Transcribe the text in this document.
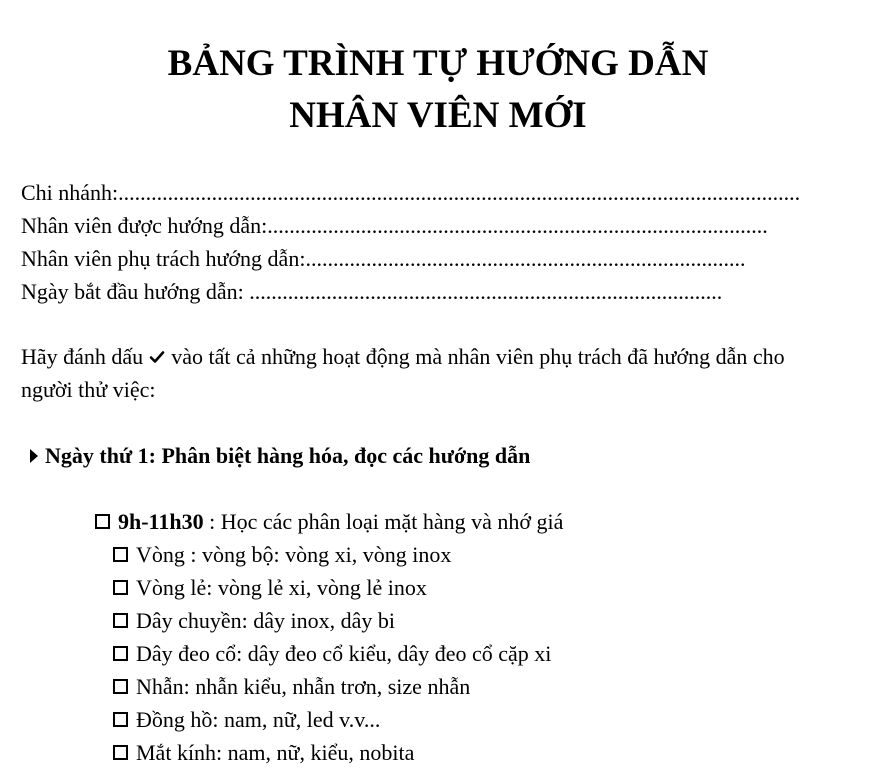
BẢNG TRÌNH TỰ HƯỚNG DẪN
NHÂN VIÊN MỚI
Chi nhánh:............................................................................................................................
Nhân viên được hướng dẫn:...........................................................................................
Nhân viên phụ trách hướng dẫn:................................................................................
Ngày bắt đầu hướng dẫn: ......................................................................................
Hãy đánh dấu vào tất cả những hoạt động mà nhân viên phụ trách đã hướng dẫn cho người thử việc:
Ngày thứ 1: Phân biệt hàng hóa, đọc các hướng dẫn
9h-11h30 : Học các phân loại mặt hàng và nhớ giá
Vòng : vòng bộ: vòng xi, vòng inox
Vòng lẻ: vòng lẻ xi, vòng lẻ inox
Dây chuyền: dây inox, dây bi
Dây đeo cổ: dây đeo cổ kiểu, dây đeo cổ cặp xi
Nhẫn: nhẫn kiểu, nhẫn trơn, size nhẫn
Đồng hồ: nam, nữ, led v.v...
Mắt kính: nam, nữ, kiểu, nobita
